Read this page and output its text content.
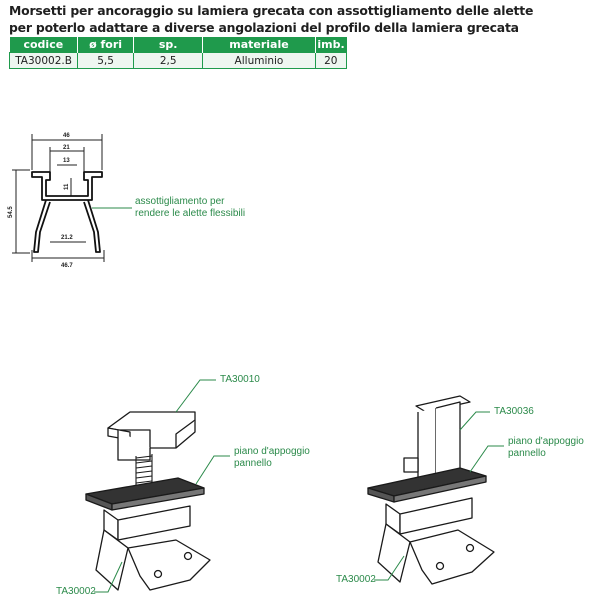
Morsetti per ancoraggio su lamiera grecata con assottigliamento delle alette
per poterlo adattare a diverse angolazioni del profilo della lamiera grecata
codice	ø fori	sp.	materiale	imb.
TA30002.B	5,5	2,5	Alluminio	20
46
21
13
11
54.5
21.2
46.7
assottigliamento per
rendere le alette flessibili
TA30010
piano d'appoggio
pannello
TA30002
TA30036
piano d'appoggio
pannello
TA30002
